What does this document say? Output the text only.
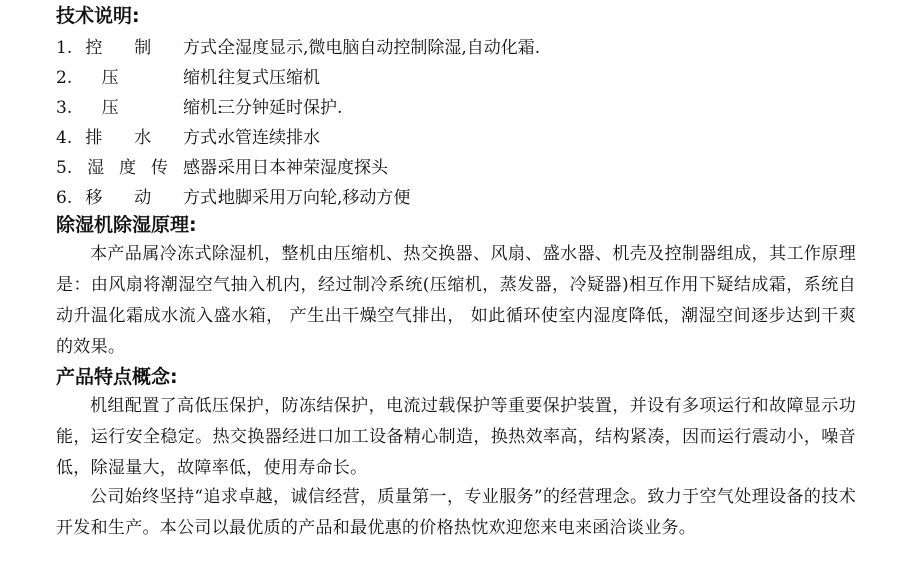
技术说明:
1.控 制 方式:全湿度显示,微电脑自动控制除湿,自动化霜.
2.压 缩机:往复式压缩机
3.压 缩机:三分钟延时保护.
4.排 水 方式:水管连续排水
5.湿度传感器:采用日本神荣湿度探头
6.移 动 方式:地脚采用万向轮,移动方便
除湿机除湿原理:

本产品属冷冻式除湿机，整机由压缩机、热交换器、风扇、盛水器、机壳及控制器组成，其工作原理是：由风扇将潮湿空气抽入机内，经过制冷系统(压缩机，蒸发器，冷疑器)相互作用下疑结成霜，系统自动升温化霜成水流入盛水箱， 产生出干燥空气排出， 如此循环使室内湿度降低，潮湿空间逐步达到干爽的效果。

产品特点概念:

机组配置了高低压保护，防冻结保护，电流过载保护等重要保护装置，并设有多项运行和故障显示功能，运行安全稳定。热交换器经进口加工设备精心制造，换热效率高，结构紧凑，因而运行震动小，噪音低，除湿量大，故障率低，使用寿命长。

公司始终坚持“追求卓越，诚信经营，质量第一，专业服务”的经营理念。致力于空气处理设备的技术开发和生产。本公司以最优质的产品和最优惠的价格热忱欢迎您来电来函洽谈业务。
